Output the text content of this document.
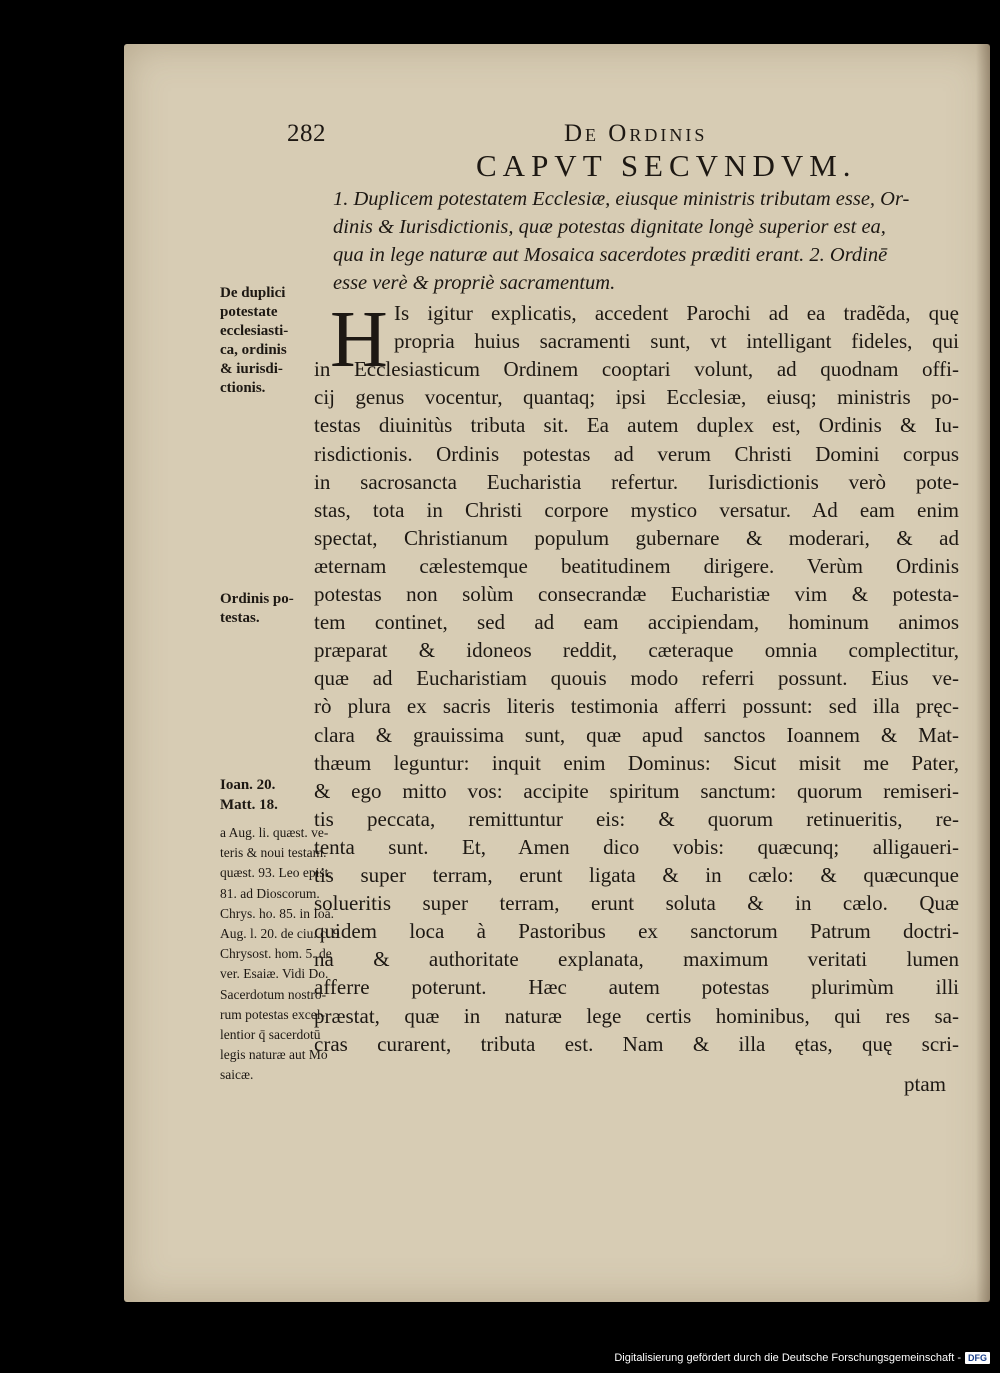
282	De Ordinis
CAPVT SECVNDVM.
1. Duplicem potestatem Ecclesiæ, eiusque ministris tributam esse, Or-
dinis & Iurisdictionis, quæ potestas dignitate longè superior est ea,
qua in lege naturæ aut Mosaica sacerdotes præditi erant. 2. Ordinē
esse verè & propriè sacramentum.
H Is igitur explicatis, accedent Parochi ad ea tradẽda, quę
propria huius sacramenti sunt, vt intelligant fideles, qui
in Ecclesiasticum Ordinem cooptari volunt, ad quodnam offi-
cij genus vocentur, quantaq; ipsi Ecclesiæ, eiusq; ministris po-
testas diuinitùs tributa sit. Ea autem duplex est, Ordinis & Iu-
risdictionis. Ordinis potestas ad verum Christi Domini corpus
in sacrosancta Eucharistia refertur. Iurisdictionis verò pote-
stas, tota in Christi corpore mystico versatur. Ad eam enim
spectat, Christianum populum gubernare & moderari, & ad
æternam cælestemque beatitudinem dirigere. Verùm Ordinis
potestas non solùm consecrandæ Eucharistiæ vim & potesta-
tem continet, sed ad eam accipiendam, hominum animos
præparat & idoneos reddit, cæteraque omnia complectitur,
quæ ad Eucharistiam quouis modo referri possunt. Eius ve-
rò plura ex sacris literis testimonia afferri possunt: sed illa pręc-
clara & grauissima sunt, quæ apud sanctos Ioannem & Mat-
thæum leguntur: inquit enim Dominus: Sicut misit me Pater,
& ego mitto vos: accipite spiritum sanctum: quorum remiseri-
tis peccata, remittuntur eis: & quorum retinueritis, re-
tenta sunt. Et, Amen dico vobis: quæcunq; alligaueri-
tis super terram, erunt ligata & in cælo: & quæcunque
solueritis super terram, erunt soluta & in cælo. Quæ
quidem loca à Pastoribus ex sanctorum Patrum doctri-
na & authoritate explanata, maximum veritati lumen
afferre poterunt. Hæc autem potestas plurimùm illi
præstat, quæ in naturæ lege certis hominibus, qui res sa-
cras curarent, tributa est. Nam & illa ętas, quę scri-
ptam
De duplici
potestate
ecclesiasti-
ca, ordinis
& iurisdi-
ctionis.
Ordinis po-
testas.
Ioan. 20.
Matt. 18.
a Aug. li. quæst. ve-
teris & noui testam.
quæst. 93. Leo epist.
81. ad Dioscorum.
Chrys. ho. 85. in Ioā.
Aug. l. 20. de ciu. c. 9
Chrysost. hom. 5. de
ver. Esaiæ. Vidi Do.
Sacerdotum nostro-
rum potestas excel-
lentior q̄ sacerdotū
legis naturæ aut Mo
saicæ.
Digitalisierung gefördert durch die Deutsche Forschungsgemeinschaft - DFG
